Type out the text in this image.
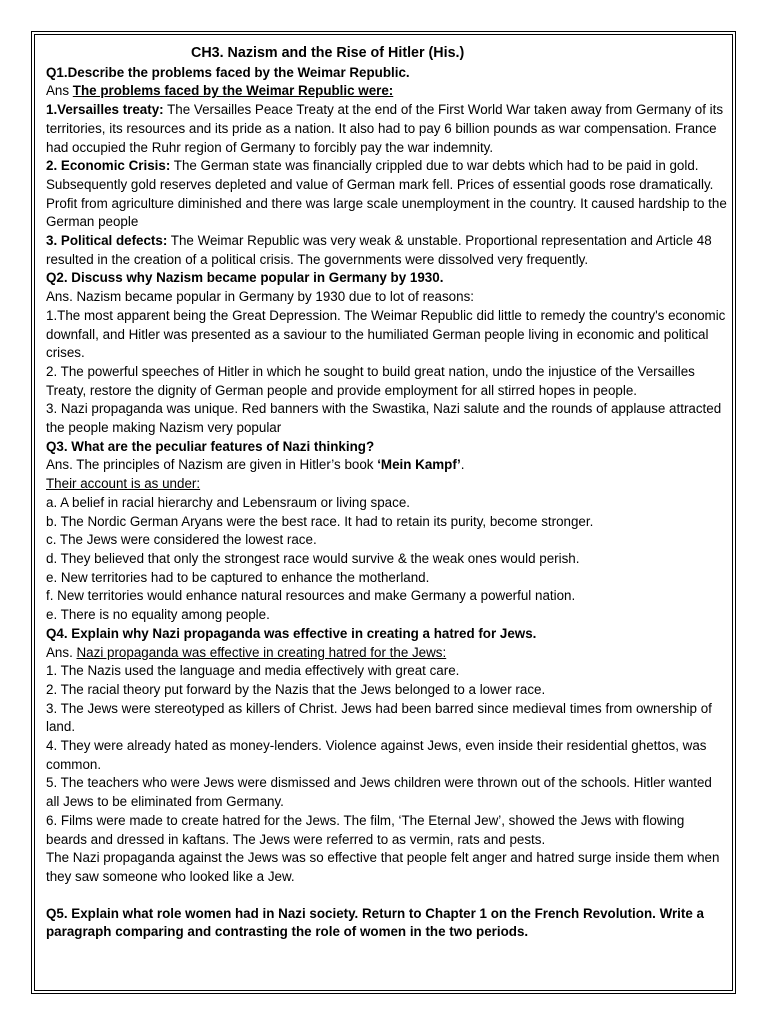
CH3. Nazism and the Rise of Hitler (His.)

Q1.Describe the problems faced by the Weimar Republic.

Ans The problems faced by the Weimar Republic were:

1.Versailles treaty: The Versailles Peace Treaty at the end of the First World War taken away from Germany of its territories, its resources and its pride as a nation. It also had to pay 6 billion pounds as war compensation. France had occupied the Ruhr region of Germany to forcibly pay the war indemnity.

2. Economic Crisis: The German state was financially crippled due to war debts which had to be paid in gold. Subsequently gold reserves depleted and value of German mark fell. Prices of essential goods rose dramatically. Profit from agriculture diminished and there was large scale unemployment in the country. It caused hardship to the German people

3. Political defects: The Weimar Republic was very weak & unstable. Proportional representation and Article 48 resulted in the creation of a political crisis. The governments were dissolved very frequently.

Q2. Discuss why Nazism became popular in Germany by 1930.

Ans. Nazism became popular in Germany by 1930 due to lot of reasons:

1.The most apparent being the Great Depression. The Weimar Republic did little to remedy the country's economic downfall, and Hitler was presented as a saviour to the humiliated German people living in economic and political crises.

2. The powerful speeches of Hitler in which he sought to build great nation, undo the injustice of the Versailles Treaty, restore the dignity of German people and provide employment for all stirred hopes in people.

3. Nazi propaganda was unique. Red banners with the Swastika, Nazi salute and the rounds of applause attracted the people making Nazism very popular

Q3. What are the peculiar features of Nazi thinking?

Ans. The principles of Nazism are given in Hitler’s book ‘Mein Kampf’.

Their account is as under:

a. A belief in racial hierarchy and Lebensraum or living space.

b. The Nordic German Aryans were the best race. It had to retain its purity, become stronger.

c. The Jews were considered the lowest race.

d. They believed that only the strongest race would survive & the weak ones would perish.

e. New territories had to be captured to enhance the motherland.

f. New territories would enhance natural resources and make Germany a powerful nation.

e. There is no equality among people.

Q4. Explain why Nazi propaganda was effective in creating a hatred for Jews.

Ans. Nazi propaganda was effective in creating hatred for the Jews:

1. The Nazis used the language and media effectively with great care.

2. The racial theory put forward by the Nazis that the Jews belonged to a lower race.

3. The Jews were stereotyped as killers of Christ. Jews had been barred since medieval times from ownership of land.

4. They were already hated as money-lenders. Violence against Jews, even inside their residential ghettos, was common.

5. The teachers who were Jews were dismissed and Jews children were thrown out of the schools. Hitler wanted all Jews to be eliminated from Germany.

6. Films were made to create hatred for the Jews. The film, ‘The Eternal Jew’, showed the Jews with flowing beards and dressed in kaftans. The Jews were referred to as vermin, rats and pests.

The Nazi propaganda against the Jews was so effective that people felt anger and hatred surge inside them when they saw someone who looked like a Jew.

Q5. Explain what role women had in Nazi society. Return to Chapter 1 on the French Revolution. Write a paragraph comparing and contrasting the role of women in the two periods.
